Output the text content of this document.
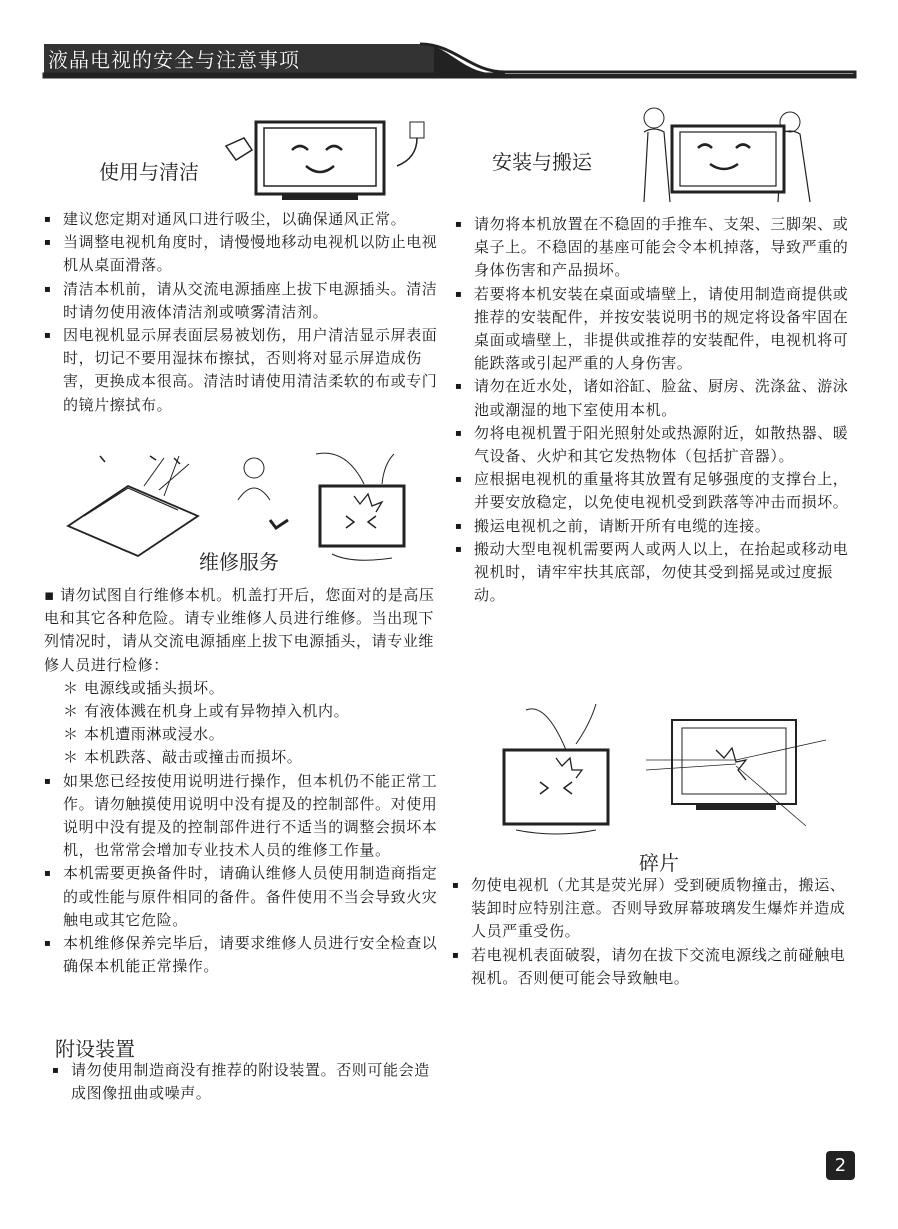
液晶电视的安全与注意事项
使用与清洁

▪ 建议您定期对通风口进行吸尘，以确保通风正常。

▪ 当调整电视机角度时，请慢慢地移动电视机以防止电视机从桌面滑落。

▪ 清洁本机前，请从交流电源插座上拔下电源插头。清洁时请勿使用液体清洁剂或喷雾清洁剂。

▪ 因电视机显示屏表面层易被划伤，用户清洁显示屏表面时，切记不要用湿抹布擦拭，否则将对显示屏造成伤害，更换成本很高。清洁时请使用清洁柔软的布或专门的镜片擦拭布。

维修服务

▪ 请勿试图自行维修本机。机盖打开后，您面对的是高压电和其它各种危险。请专业维修人员进行维修。当出现下列情况时，请从交流电源插座上拔下电源插头，请专业维修人员进行检修：

＊ 电源线或插头损坏。

＊ 有液体溅在机身上或有异物掉入机内。

＊ 本机遭雨淋或浸水。

＊ 本机跌落、敲击或撞击而损坏。

▪ 如果您已经按使用说明进行操作，但本机仍不能正常工作。请勿触摸使用说明中没有提及的控制部件。对使用说明中没有提及的控制部件进行不适当的调整会损坏本机，也常常会增加专业技术人员的维修工作量。

▪ 本机需要更换备件时，请确认维修人员使用制造商指定的或性能与原件相同的备件。备件使用不当会导致火灾触电或其它危险。

▪ 本机维修保养完毕后，请要求维修人员进行安全检查以确保本机能正常操作。

附设装置

▪ 请勿使用制造商没有推荐的附设装置。否则可能会造成图像扭曲或噪声。

安装与搬运

▪ 请勿将本机放置在不稳固的手推车、支架、三脚架、或桌子上。不稳固的基座可能会令本机掉落，导致严重的身体伤害和产品损坏。

▪ 若要将本机安装在桌面或墙壁上，请使用制造商提供或推荐的安装配件，并按安装说明书的规定将设备牢固在桌面或墙壁上，非提供或推荐的安装配件，电视机将可能跌落或引起严重的人身伤害。

▪ 请勿在近水处，诸如浴缸、脸盆、厨房、洗涤盆、游泳池或潮湿的地下室使用本机。

▪ 勿将电视机置于阳光照射处或热源附近，如散热器、暖气设备、火炉和其它发热物体（包括扩音器）。

▪ 应根据电视机的重量将其放置有足够强度的支撑台上，并要安放稳定，以免使电视机受到跌落等冲击而损坏。

▪ 搬运电视机之前，请断开所有电缆的连接。

▪ 搬动大型电视机需要两人或两人以上，在抬起或移动电视机时，请牢牢扶其底部，勿使其受到摇晃或过度振动。

碎片

▪ 勿使电视机（尤其是荧光屏）受到硬质物撞击，搬运、装卸时应特别注意。否则导致屏幕玻璃发生爆炸并造成人员严重受伤。

▪ 若电视机表面破裂，请勿在拔下交流电源线之前碰触电视机。否则便可能会导致触电。

2
